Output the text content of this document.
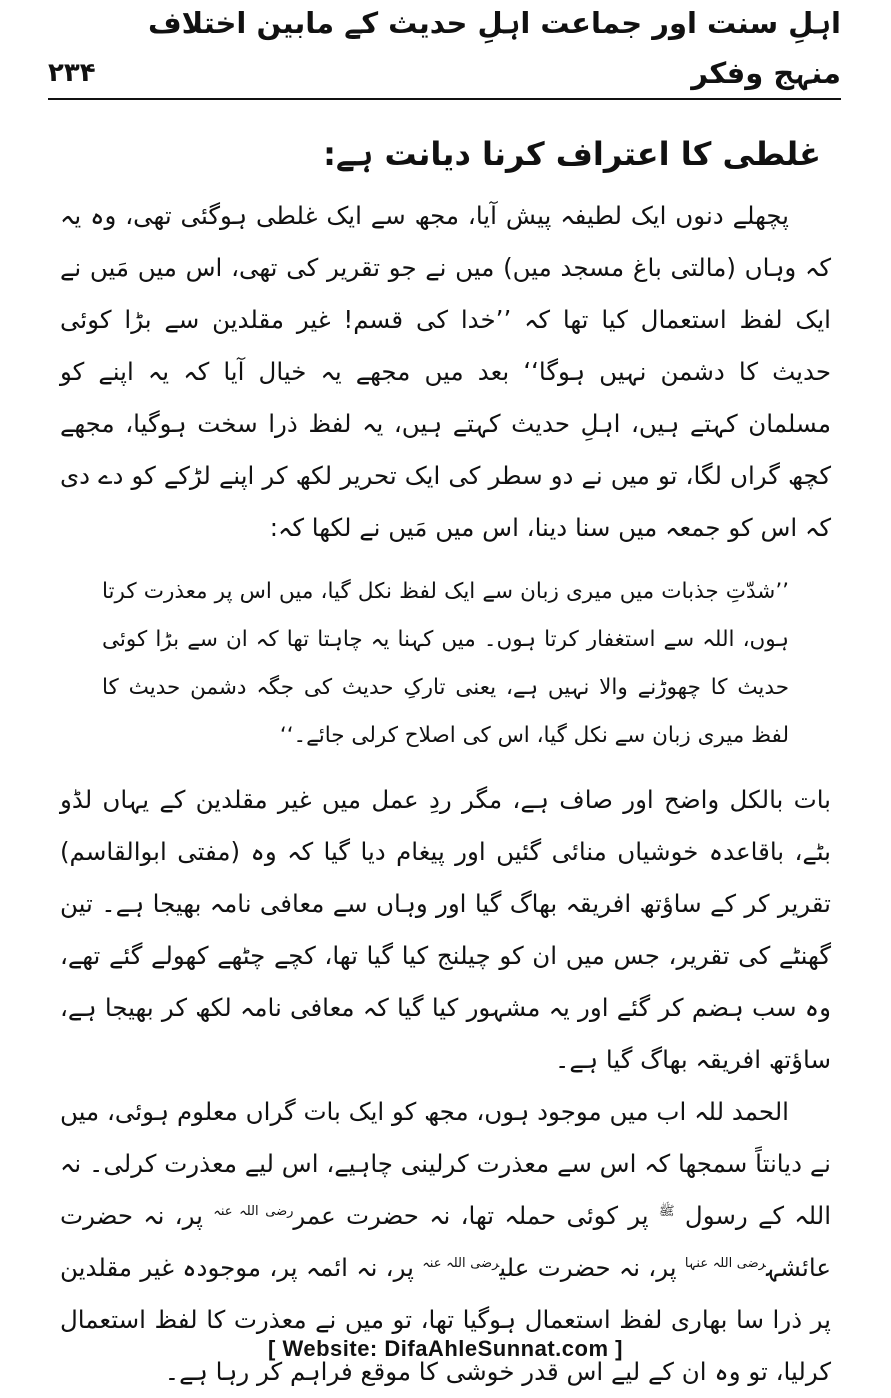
اہلِ سنت اور جماعت اہلِ حدیث کے مابین اختلاف منہج وفکر
۲۳۴
غلطی کا اعتراف کرنا دیانت ہے:

پچھلے دنوں ایک لطیفہ پیش آیا، مجھ سے ایک غلطی ہوگئی تھی، وہ یہ کہ وہاں (مالتی باغ مسجد میں) میں نے جو تقریر کی تھی، اس میں مَیں نے ایک لفظ استعمال کیا تھا کہ ’’خدا کی قسم! غیر مقلدین سے بڑا کوئی حدیث کا دشمن نہیں ہوگا‘‘ بعد میں مجھے یہ خیال آیا کہ یہ اپنے کو مسلمان کہتے ہیں، اہلِ حدیث کہتے ہیں، یہ لفظ ذرا سخت ہوگیا، مجھے کچھ گراں لگا، تو میں نے دو سطر کی ایک تحریر لکھ کر اپنے لڑکے کو دے دی کہ اس کو جمعہ میں سنا دینا، اس میں مَیں نے لکھا کہ:

’’شدّتِ جذبات میں میری زبان سے ایک لفظ نکل گیا، میں اس پر معذرت کرتا ہوں، اللہ سے استغفار کرتا ہوں۔ میں کہنا یہ چاہتا تھا کہ ان سے بڑا کوئی حدیث کا چھوڑنے والا نہیں ہے، یعنی تارکِ حدیث کی جگہ دشمن حدیث کا لفظ میری زبان سے نکل گیا، اس کی اصلاح کرلی جائے۔‘‘

بات بالکل واضح اور صاف ہے، مگر ردِ عمل میں غیر مقلدین کے یہاں لڈو بٹے، باقاعدہ خوشیاں منائی گئیں اور پیغام دیا گیا کہ وہ (مفتی ابوالقاسم) تقریر کر کے ساؤتھ افریقہ بھاگ گیا اور وہاں سے معافی نامہ بھیجا ہے۔ تین گھنٹے کی تقریر، جس میں ان کو چیلنج کیا گیا تھا، کچے چٹھے کھولے گئے تھے، وہ سب ہضم کر گئے اور یہ مشہور کیا گیا کہ معافی نامہ لکھ کر بھیجا ہے، ساؤتھ افریقہ بھاگ گیا ہے۔

الحمد للہ اب میں موجود ہوں، مجھ کو ایک بات گراں معلوم ہوئی، میں نے دیانتاً سمجھا کہ اس سے معذرت کرلینی چاہیے، اس لیے معذرت کرلی۔ نہ اللہ کے رسول $^ﷺ$ پر کوئی حملہ تھا، نہ حضرت عمر$^{رضی اللہ عنہ}$ پر، نہ حضرت عائشہ$^{رضی اللہ عنہا}$ پر، نہ حضرت علی$^{رضی اللہ عنہ}$ پر، نہ ائمہ پر، موجودہ غیر مقلدین پر ذرا سا بھاری لفظ استعمال ہوگیا تھا، تو میں نے معذرت کا لفظ استعمال کرلیا، تو وہ ان کے لیے اس قدر خوشی کا موقع فراہم کر رہا ہے۔

[ Website: DifaAhleSunnat.com ]
